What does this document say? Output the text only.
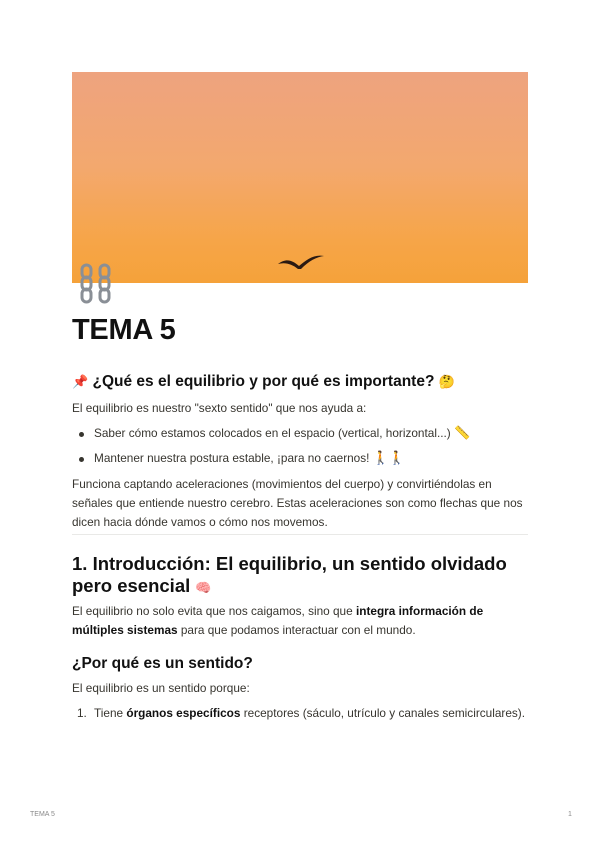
TEMA 5
📌 ¿Qué es el equilibrio y por qué es importante? 🤔

El equilibrio es nuestro "sexto sentido" que nos ayuda a:

Saber cómo estamos colocados en el espacio (vertical, horizontal...) 📏
Mantener nuestra postura estable, ¡para no caernos! 🚶🚶

Funciona captando aceleraciones (movimientos del cuerpo) y convirtiéndolas en señales que entiende nuestro cerebro. Estas aceleraciones son como flechas que nos dicen hacia dónde vamos o cómo nos movemos.

1. Introducción: El equilibrio, un sentido olvidado pero esencial 🧠

El equilibrio no solo evita que nos caigamos, sino que integra información de múltiples sistemas para que podamos interactuar con el mundo.

¿Por qué es un sentido?

El equilibrio es un sentido porque:

1. Tiene órganos específicos receptores (sáculo, utrículo y canales semicirculares).
TEMA 5	1
